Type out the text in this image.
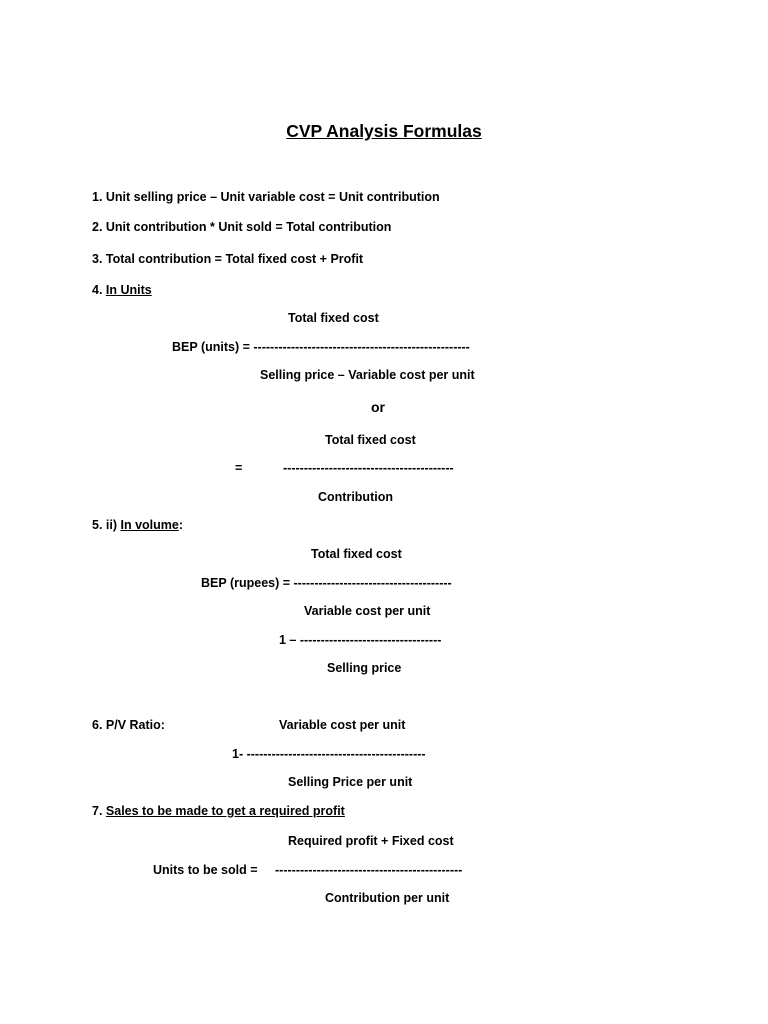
CVP Analysis Formulas
1. Unit selling price – Unit variable cost = Unit contribution
2. Unit contribution * Unit sold = Total contribution
3. Total contribution = Total fixed cost + Profit
4. In Units
Total fixed cost
BEP (units) = ----------------------------------------------------
Selling price – Variable cost per unit
or
Total fixed cost
=	-----------------------------------------
Contribution
5. ii) In volume:
Total fixed cost
BEP (rupees) = --------------------------------------
Variable cost per unit
1 – ----------------------------------
Selling price
6. P/V Ratio:	Variable cost per unit
1- -------------------------------------------
Selling Price per unit
7. Sales to be made to get a required profit
Required profit + Fixed cost
Units to be sold = ---------------------------------------------
Contribution per unit
